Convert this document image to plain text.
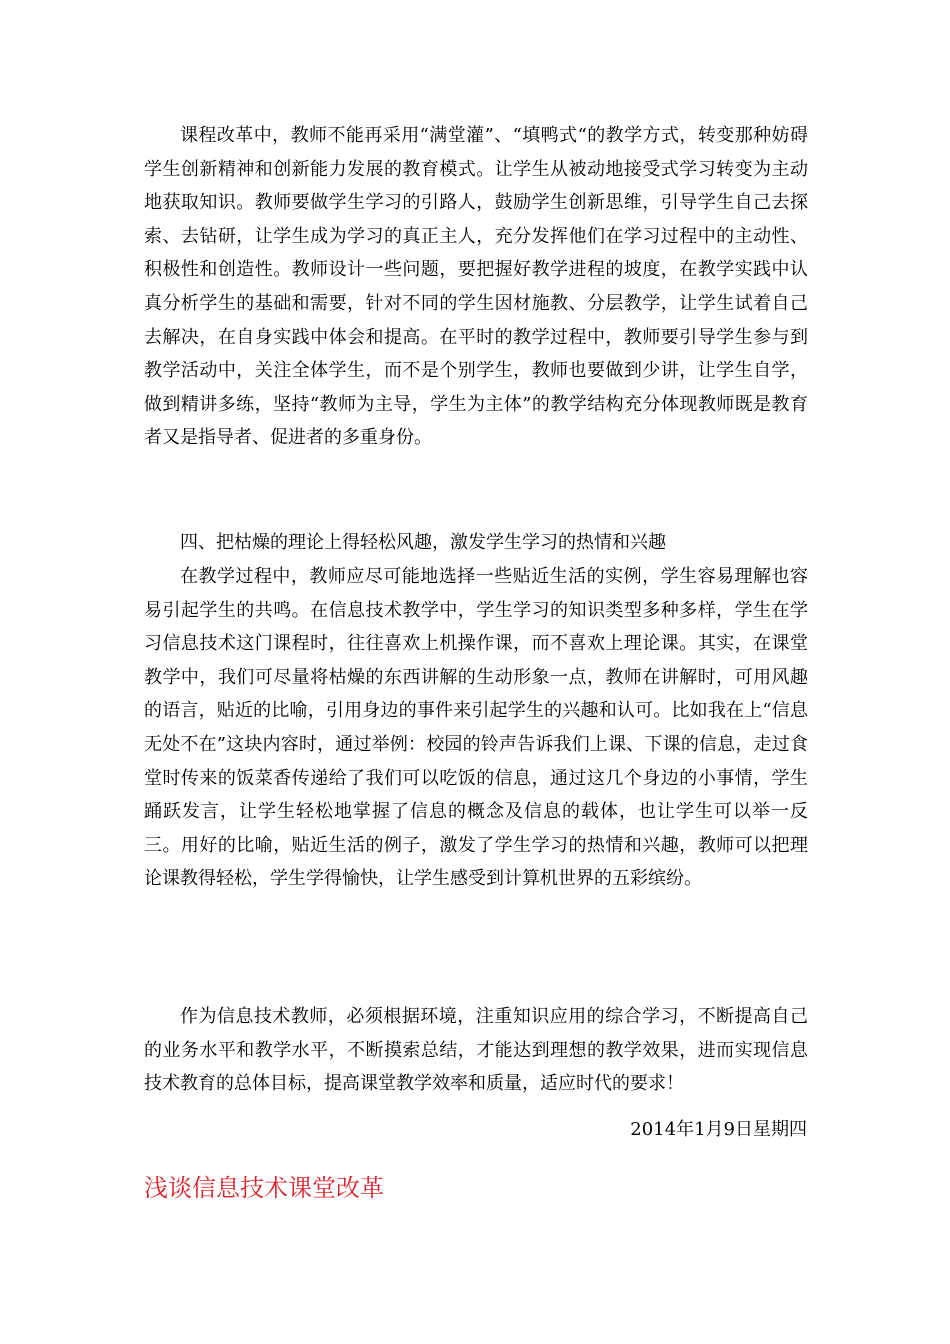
课程改革中，教师不能再采用“满堂灌”、“填鸭式“的教学方式，转变那种妨碍学生创新精神和创新能力发展的教育模式。让学生从被动地接受式学习转变为主动地获取知识。教师要做学生学习的引路人，鼓励学生创新思维，引导学生自己去探索、去钻研，让学生成为学习的真正主人，充分发挥他们在学习过程中的主动性、积极性和创造性。教师设计一些问题，要把握好教学进程的坡度，在教学实践中认真分析学生的基础和需要，针对不同的学生因材施教、分层教学，让学生试着自己去解决，在自身实践中体会和提高。在平时的教学过程中，教师要引导学生参与到教学活动中，关注全体学生，而不是个别学生，教师也要做到少讲，让学生自学，做到精讲多练，坚持“教师为主导，学生为主体”的教学结构充分体现教师既是教育者又是指导者、促进者的多重身份。

四、把枯燥的理论上得轻松风趣，激发学生学习的热情和兴趣

在教学过程中，教师应尽可能地选择一些贴近生活的实例，学生容易理解也容易引起学生的共鸣。在信息技术教学中，学生学习的知识类型多种多样，学生在学习信息技术这门课程时，往往喜欢上机操作课，而不喜欢上理论课。其实，在课堂教学中，我们可尽量将枯燥的东西讲解的生动形象一点，教师在讲解时，可用风趣的语言，贴近的比喻，引用身边的事件来引起学生的兴趣和认可。比如我在上“信息无处不在”这块内容时，通过举例：校园的铃声告诉我们上课、下课的信息，走过食堂时传来的饭菜香传递给了我们可以吃饭的信息，通过这几个身边的小事情，学生踊跃发言，让学生轻松地掌握了信息的概念及信息的载体，也让学生可以举一反三。用好的比喻，贴近生活的例子，激发了学生学习的热情和兴趣，教师可以把理论课教得轻松，学生学得愉快，让学生感受到计算机世界的五彩缤纷。

作为信息技术教师，必须根据环境，注重知识应用的综合学习，不断提高自己的业务水平和教学水平，不断摸索总结，才能达到理想的教学效果，进而实现信息技术教育的总体目标，提高课堂教学效率和质量，适应时代的要求！

2014年1月9日星期四

浅谈信息技术课堂改革
